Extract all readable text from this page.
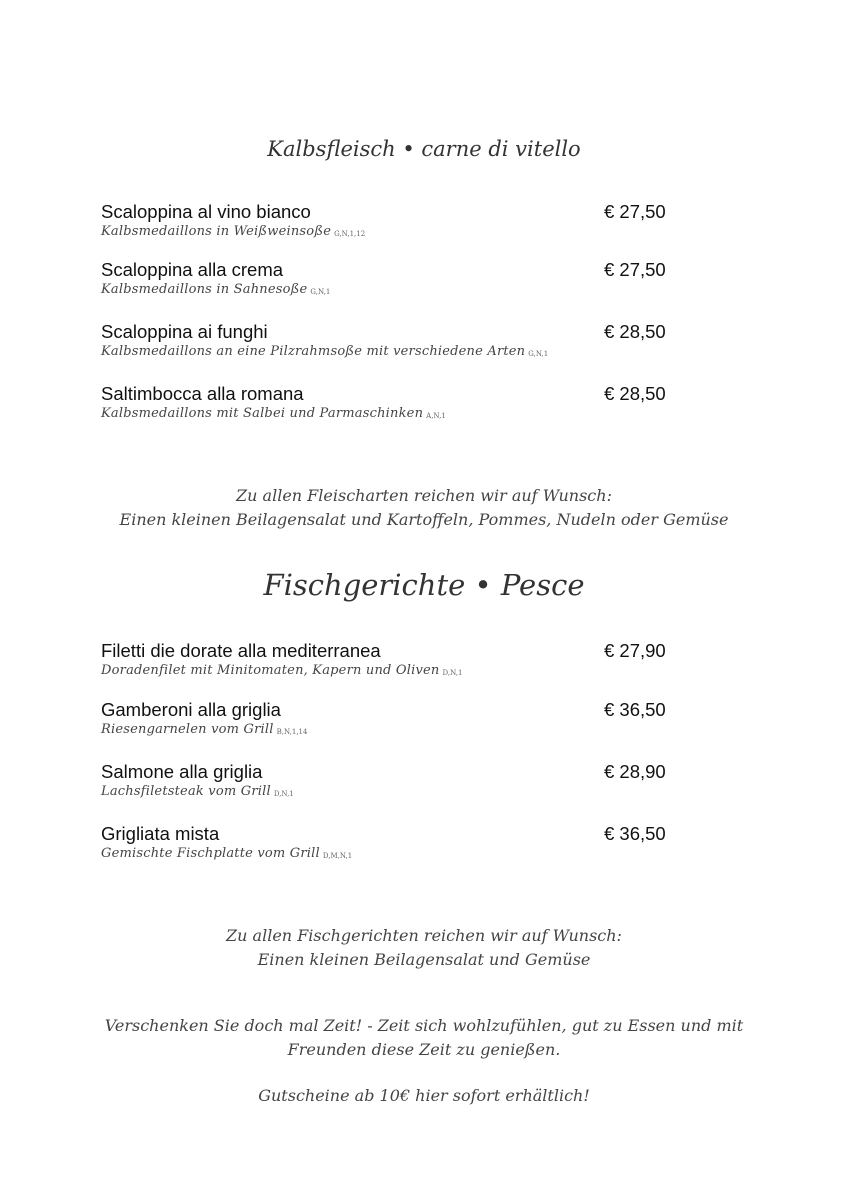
Kalbsfleisch • carne di vitello
Scaloppina al vino bianco	€ 27,50
Kalbsmedaillons in Weißweinsoße G,N,1,12
Scaloppina alla crema	€ 27,50
Kalbsmedaillons in Sahnesoße G,N,1
Scaloppina ai funghi	€ 28,50
Kalbsmedaillons an eine Pilzrahmsoße mit verschiedene Arten G,N,1
Saltimbocca alla romana	€ 28,50
Kalbsmedaillons mit Salbei und Parmaschinken A,N,1
Zu allen Fleischarten reichen wir auf Wunsch:
Einen kleinen Beilagensalat und Kartoffeln, Pommes, Nudeln oder Gemüse
Fischgerichte • Pesce
Filetti die dorate alla mediterranea	€ 27,90
Doradenfilet mit Minitomaten, Kapern und Oliven D,N,1
Gamberoni alla griglia	€ 36,50
Riesengarnelen vom Grill B,N,1,14
Salmone alla griglia	€ 28,90
Lachsfiletsteak vom Grill D,N,1
Grigliata mista	€ 36,50
Gemischte Fischplatte vom Grill D,M,N,1
Zu allen Fischgerichten reichen wir auf Wunsch:
Einen kleinen Beilagensalat und Gemüse
Verschenken Sie doch mal Zeit! - Zeit sich wohlzufühlen, gut zu Essen und mit
Freunden diese Zeit zu genießen.
Gutscheine ab 10€ hier sofort erhältlich!
